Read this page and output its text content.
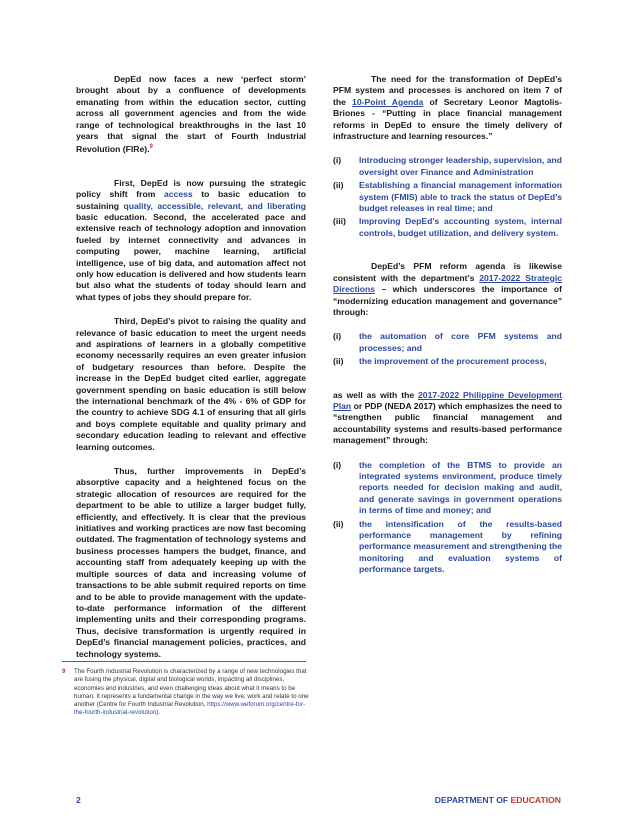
DepEd now faces a new ‘perfect storm’ brought about by a confluence of developments emanating from within the education sector, cutting across all government agencies and from the wide range of technological breakthroughs in the last 10 years that signal the start of Fourth Industrial Revolution (FIRe).$^9$

First, DepEd is now pursuing the strategic policy shift from access to basic education to sustaining quality, accessible, relevant, and liberating basic education. Second, the accelerated pace and extensive reach of technology adoption and innovation fueled by internet connectivity and advances in computing power, machine learning, artificial intelligence, use of big data, and automation affect not only how education is delivered and how students learn but also what the students of today should learn and what types of jobs they should prepare for.

Third, DepEd’s pivot to raising the quality and relevance of basic education to meet the urgent needs and aspirations of learners in a globally competitive economy necessarily requires an even greater infusion of budgetary resources than before. Despite the increase in the DepEd budget cited earlier, aggregate government spending on basic education is still below the international benchmark of the 4% - 6% of GDP for the country to achieve SDG 4.1 of ensuring that all girls and boys complete equitable and quality primary and secondary education leading to relevant and effective learning outcomes.

Thus, further improvements in DepEd’s absorptive capacity and a heightened focus on the strategic allocation of resources are required for the department to be able to utilize a larger budget fully, efficiently, and effectively. It is clear that the previous initiatives and working practices are now fast becoming outdated. The fragmentation of technology systems and business processes hampers the budget, finance, and accounting staff from adequately keeping up with the multiple sources of data and increasing volume of transactions to be able submit required reports on time and to be able to provide management with the update-to-date performance information of the different implementing units and their corresponding programs. Thus, decisive transformation is urgently required in DepEd’s financial management policies, practices, and technology systems.

The need for the transformation of DepEd’s PFM system and processes is anchored on item 7 of the 10-Point Agenda of Secretary Leonor Magtolis-Briones - “Putting in place financial management reforms in DepEd to ensure the timely delivery of infrastructure and learning resources.”

(i)	Introducing stronger leadership, supervision, and oversight over Finance and Administration
(ii)	Establishing a financial management information system (FMIS) able to track the status of DepEd’s budget releases in real time; and
(iii)	Improving DepEd’s accounting system, internal controls, budget utilization, and delivery system.

DepEd’s PFM reform agenda is likewise consistent with the department’s 2017-2022 Strategic Directions – which underscores the importance of “modernizing education management and governance” through:

(i)	the automation of core PFM systems and processes; and
(ii)	the improvement of the procurement process,

as well as with the 2017-2022 Philippine Development Plan or PDP (NEDA 2017) which emphasizes the need to “strengthen public financial management and accountability systems and results-based performance management” through:

(i)	the completion of the BTMS to provide an integrated systems environment, produce timely reports needed for decision making and audit, and generate savings in government operations in terms of time and money; and
(ii)	the intensification of the results-based performance management by refining performance measurement and strengthening the monitoring and evaluation systems of performance targets.
9	The Fourth Industrial Revolution is characterized by a range of new technologies that are fusing the physical, digital and biological worlds, impacting all disciplines, economies and industries, and even challenging ideas about what it means to be human. It represents a fundamental change in the way we live, work and relate to one another (Centre for Fourth Industrial Revolution, https://www.weforum.org/centre-for-the-fourth-industrial-revolution).
2	DEPARTMENT OF EDUCATION
